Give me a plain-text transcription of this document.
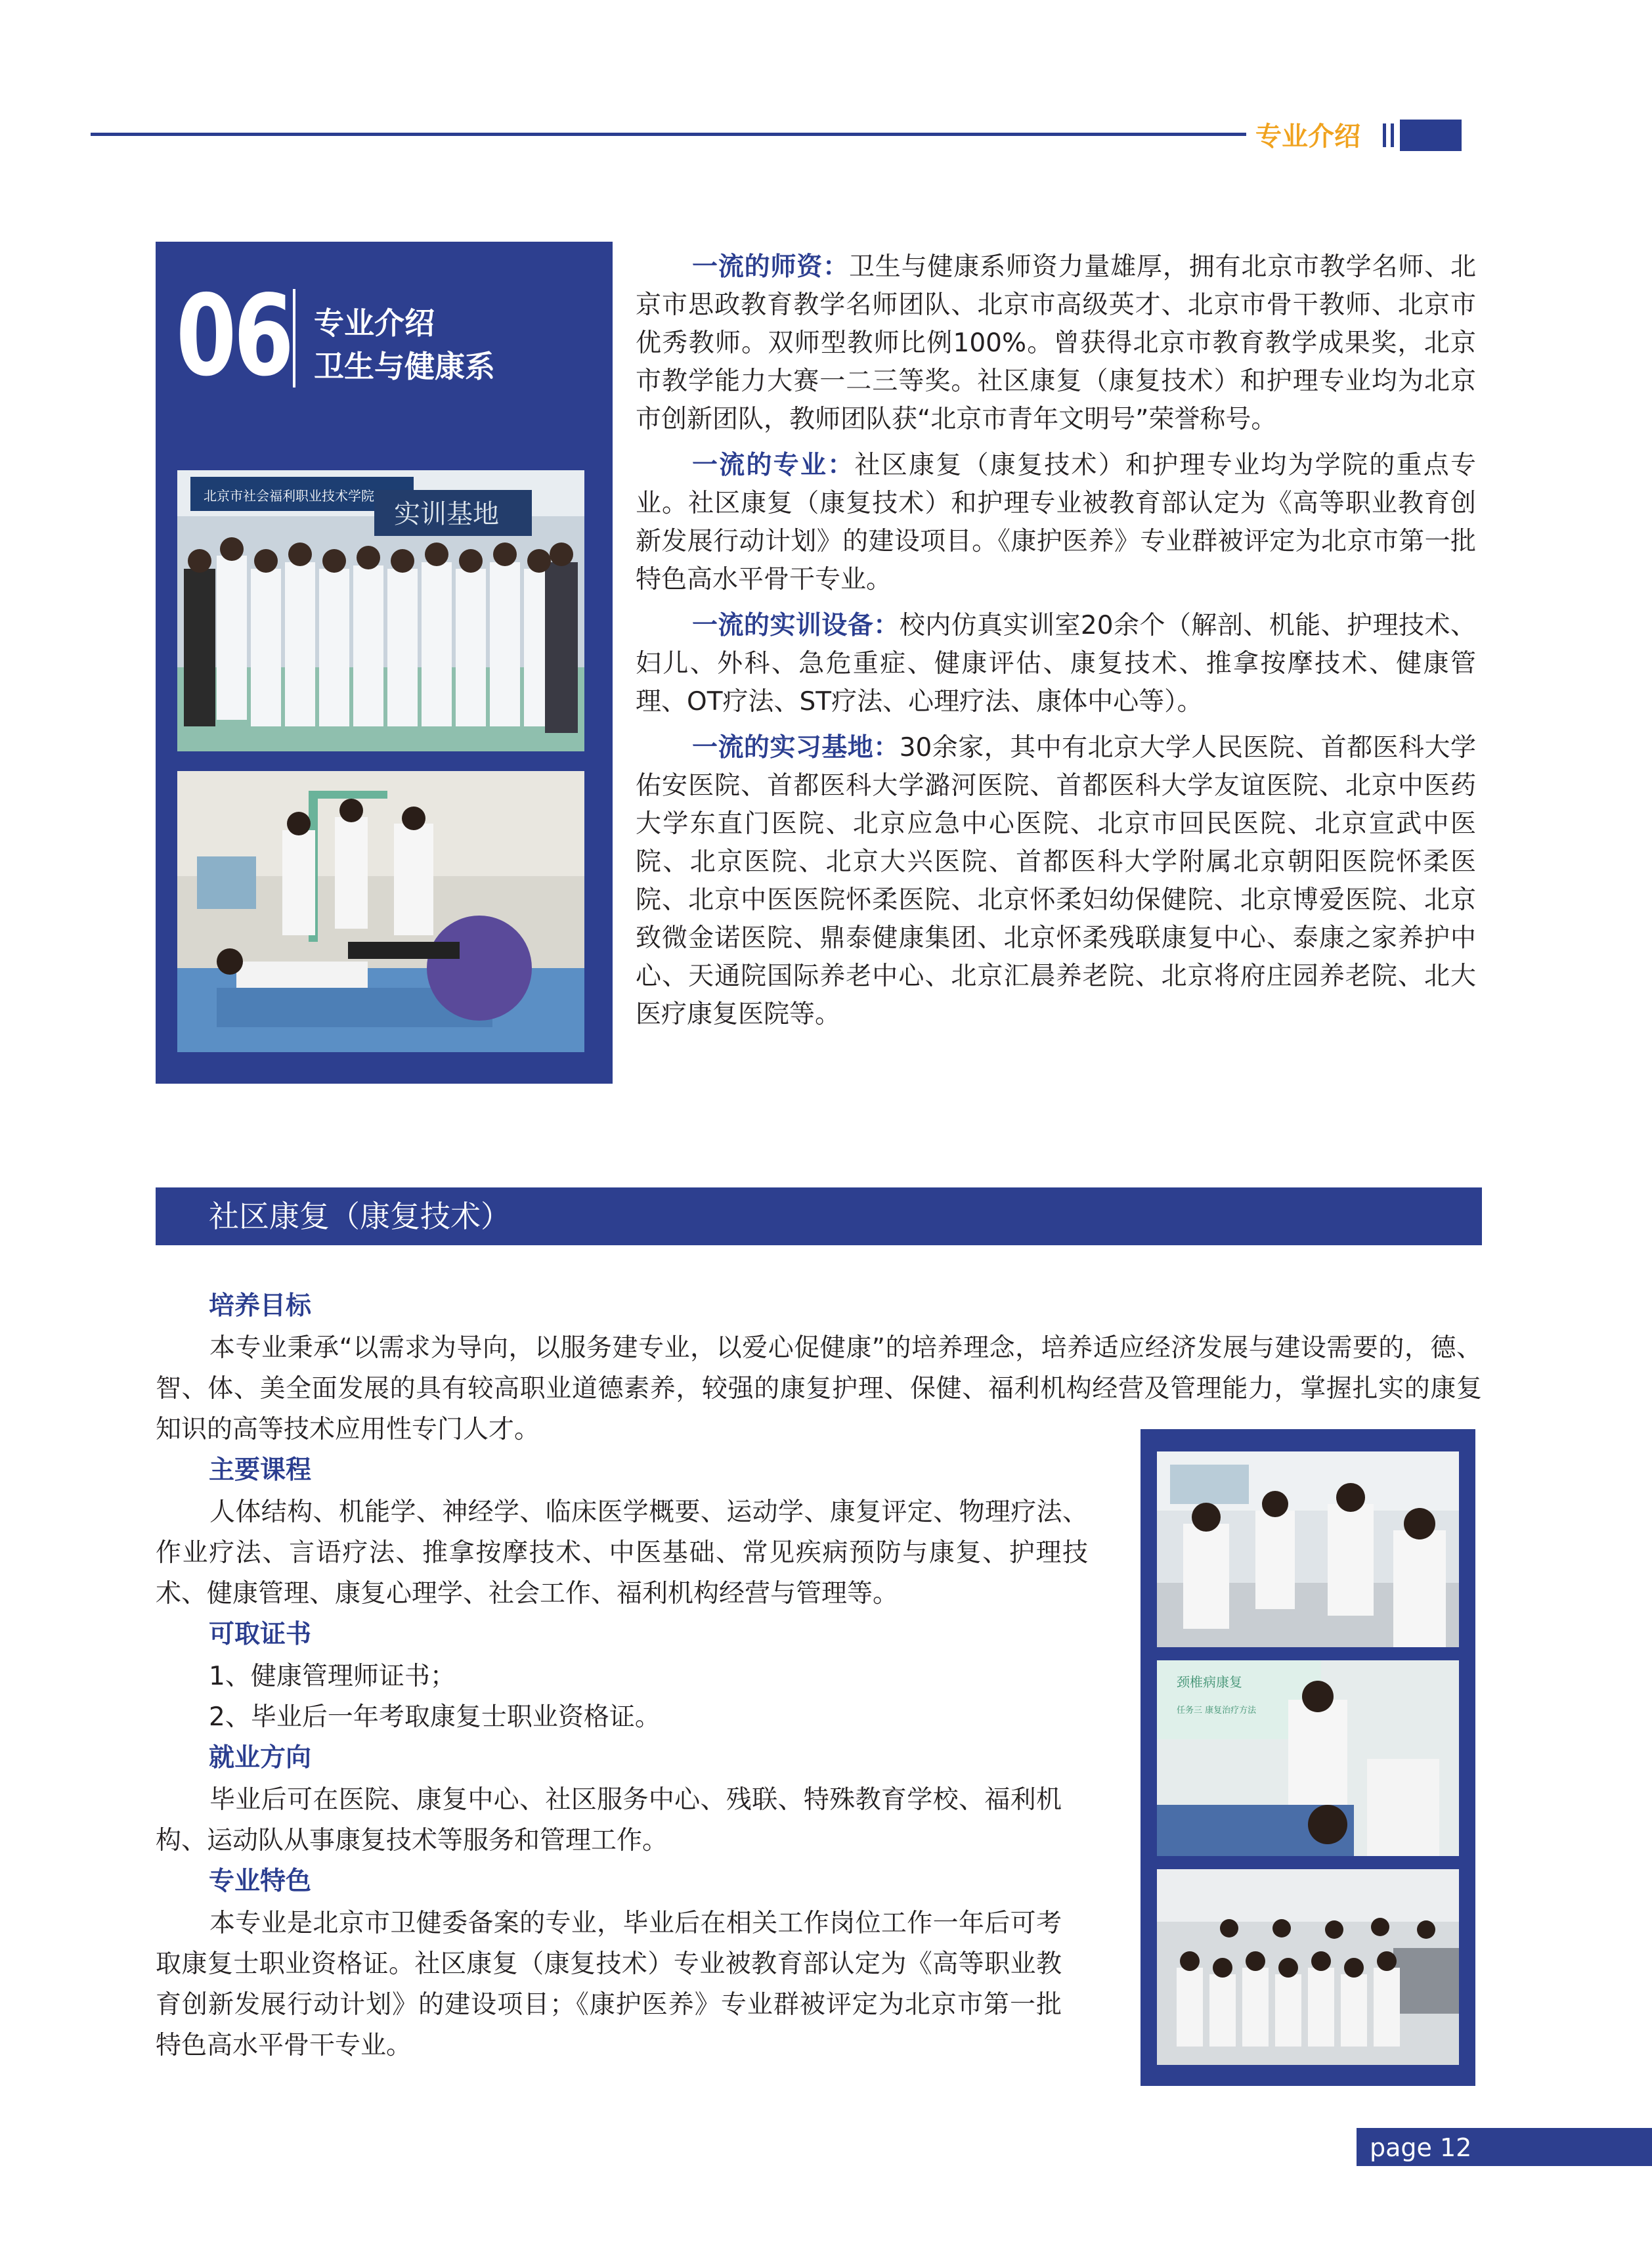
专业介绍
06 专业介绍
卫生与健康系
北京市社会福利职业技术学院
实训基地
一流的师资：卫生与健康系师资力量雄厚，拥有北京市教学名师、北京市思政教育教学名师团队、北京市高级英才、北京市骨干教师、北京市优秀教师。双师型教师比例100%。曾获得北京市教育教学成果奖，北京市教学能力大赛一二三等奖。社区康复（康复技术）和护理专业均为北京市创新团队，教师团队获“北京市青年文明号”荣誉称号。
一流的专业：社区康复（康复技术）和护理专业均为学院的重点专业。社区康复（康复技术）和护理专业被教育部认定为《高等职业教育创新发展行动计划》的建设项目。《康护医养》专业群被评定为北京市第一批特色高水平骨干专业。
一流的实训设备：校内仿真实训室20余个（解剖、机能、护理技术、妇儿、外科、急危重症、健康评估、康复技术、推拿按摩技术、健康管理、OT疗法、ST疗法、心理疗法、康体中心等）。
一流的实习基地：30余家，其中有北京大学人民医院、首都医科大学佑安医院、首都医科大学潞河医院、首都医科大学友谊医院、北京中医药大学东直门医院、北京应急中心医院、北京市回民医院、北京宣武中医院、北京医院、北京大兴医院、首都医科大学附属北京朝阳医院怀柔医院、北京中医医院怀柔医院、北京怀柔妇幼保健院、北京博爱医院、北京致微金诺医院、鼎泰健康集团、北京怀柔残联康复中心、泰康之家养护中心、天通院国际养老中心、北京汇晨养老院、北京将府庄园养老院、北大医疗康复医院等。
社区康复（康复技术）
培养目标
本专业秉承“以需求为导向，以服务建专业，以爱心促健康”的培养理念，培养适应经济发展与建设需要的，德、智、体、美全面发展的具有较高职业道德素养，较强的康复护理、保健、福利机构经营及管理能力，掌握扎实的康复知识的高等技术应用性专门人才。
主要课程
人体结构、机能学、神经学、临床医学概要、运动学、康复评定、物理疗法、作业疗法、言语疗法、推拿按摩技术、中医基础、常见疾病预防与康复、护理技术、健康管理、康复心理学、社会工作、福利机构经营与管理等。
可取证书
1、健康管理师证书；
2、毕业后一年考取康复士职业资格证。
就业方向
毕业后可在医院、康复中心、社区服务中心、残联、特殊教育学校、福利机构、运动队从事康复技术等服务和管理工作。
专业特色
本专业是北京市卫健委备案的专业，毕业后在相关工作岗位工作一年后可考取康复士职业资格证。社区康复（康复技术）专业被教育部认定为《高等职业教育创新发展行动计划》的建设项目；《康护医养》专业群被评定为北京市第一批特色高水平骨干专业。
颈椎病康复
任务三 康复治疗方法
page 12
